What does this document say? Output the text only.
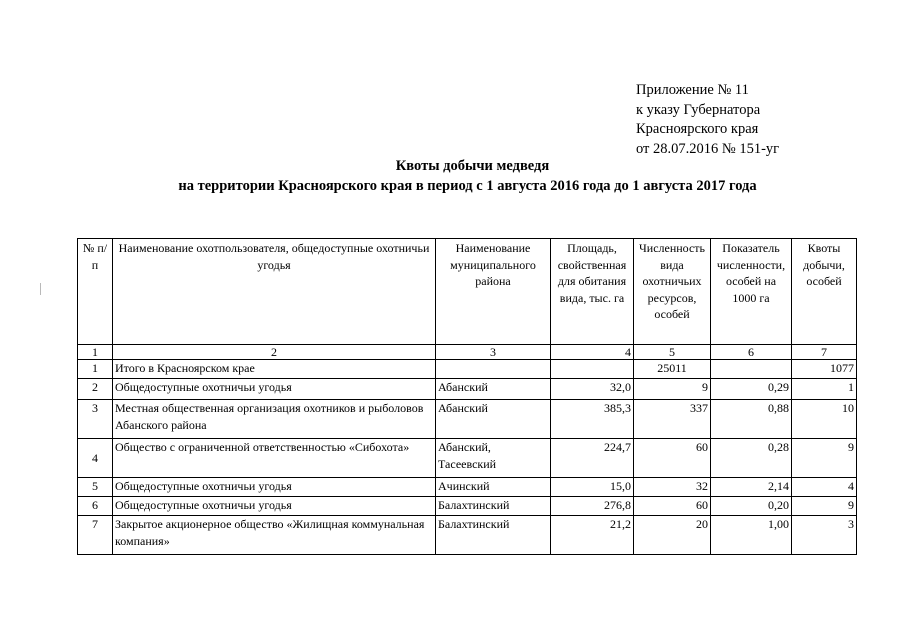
Приложение № 11
к указу Губернатора
Красноярского края
от 28.07.2016 № 151-уг
Квоты добычи медведя
на территории Красноярского края в период с 1 августа 2016 года до 1 августа 2017 года
№ п/п	Наименование охотпользователя, общедоступные охотничьи угодья	Наименование муниципального района	Площадь, свойственная для обитания вида, тыс. га	Численность вида охотничьих ресурсов, особей	Показатель численности, особей на 1000 га	Квоты добычи, особей
1	2	3	4	5	6	7
1	Итого в Красноярском крае			25011		1077
2	Общедоступные охотничьи угодья	Абанский	32,0	9	0,29	1
3	Местная общественная организация охотников и рыболовов Абанского района	Абанский	385,3	337	0,88	10
4	Общество с ограниченной ответственностью «Сибохота»	Абанский, Тасеевский	224,7	60	0,28	9
5	Общедоступные охотничьи угодья	Ачинский	15,0	32	2,14	4
6	Общедоступные охотничьи угодья	Балахтинский	276,8	60	0,20	9
7	Закрытое акционерное общество «Жилищная коммунальная компания»	Балахтинский	21,2	20	1,00	3
